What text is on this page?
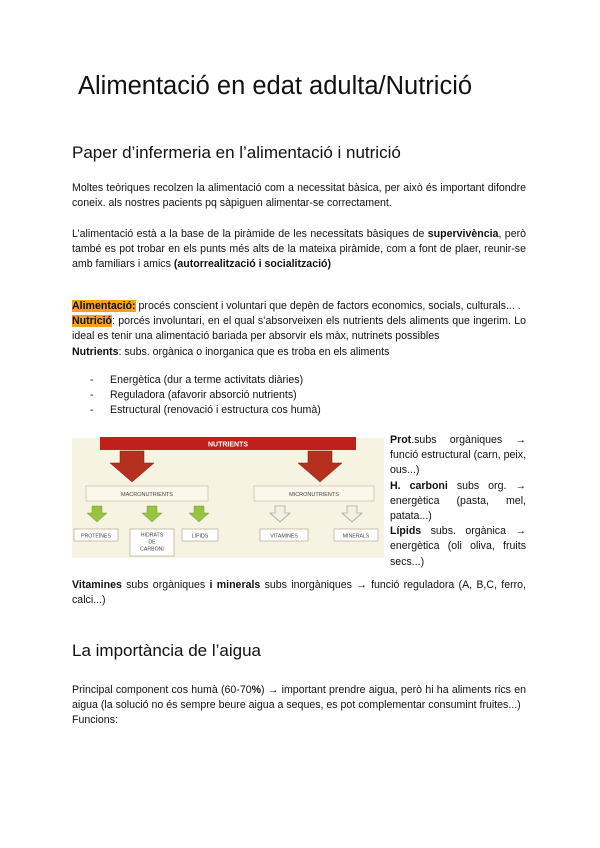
Alimentació en edat adulta/Nutrició
Paper d’infermeria en l’alimentació i nutrició

Moltes teòriques recolzen la alimentació com a necessitat bàsica, per això és important difondre coneix. als nostres pacients pq sàpiguen alimentar-se correctament.

L’alimentació està a la base de la piràmide de les necessitats bàsiques de supervivència, però també es pot trobar en els punts més alts de la mateixa piràmide, com a font de plaer, reunir-se amb familiars i amics (autorrealització i socialització)

Alimentació: procés conscient i voluntari que depèn de factors economics, socials, culturals... .
Nutrició: porcés involuntari, en el qual s’absorveixen els nutrients dels aliments que ingerim. Lo ideal es tenir una alimentació bariada per absorvir els màx, nutrinets possibles
Nutrients: subs. orgànica o inorganica que es troba en els aliments

- Energètica (dur a terme activitats diàries)
- Reguladora (afavorir absorció nutrients)
- Estructural (renovació i estructura cos humà)
NUTRIENTS
MACRONUTRIENTS	MICRONUTRIENTS
PROTEÏNES	HIDRATS
DE
CARBONI
LÍPIDS	VITAMINES	MINERALS
Prot.subs orgàniques → funció estructural (carn, peix, ous...)
H. carboni subs org. → energètica (pasta, mel, patata...)
Lípids subs. orgànica → energètica (oli oliva, fruits secs...)

Vitamines subs orgàniques i minerals subs inorgàniques → funció reguladora (A, B,C, ferro, calci...)

La importància de l’aigua

Principal component cos humà (60-70%) → important prendre aigua, però hi ha aliments rics en aigua (la solució no és sempre beure aigua a seques, es pot complementar consumint fruites...)
Funcions:
